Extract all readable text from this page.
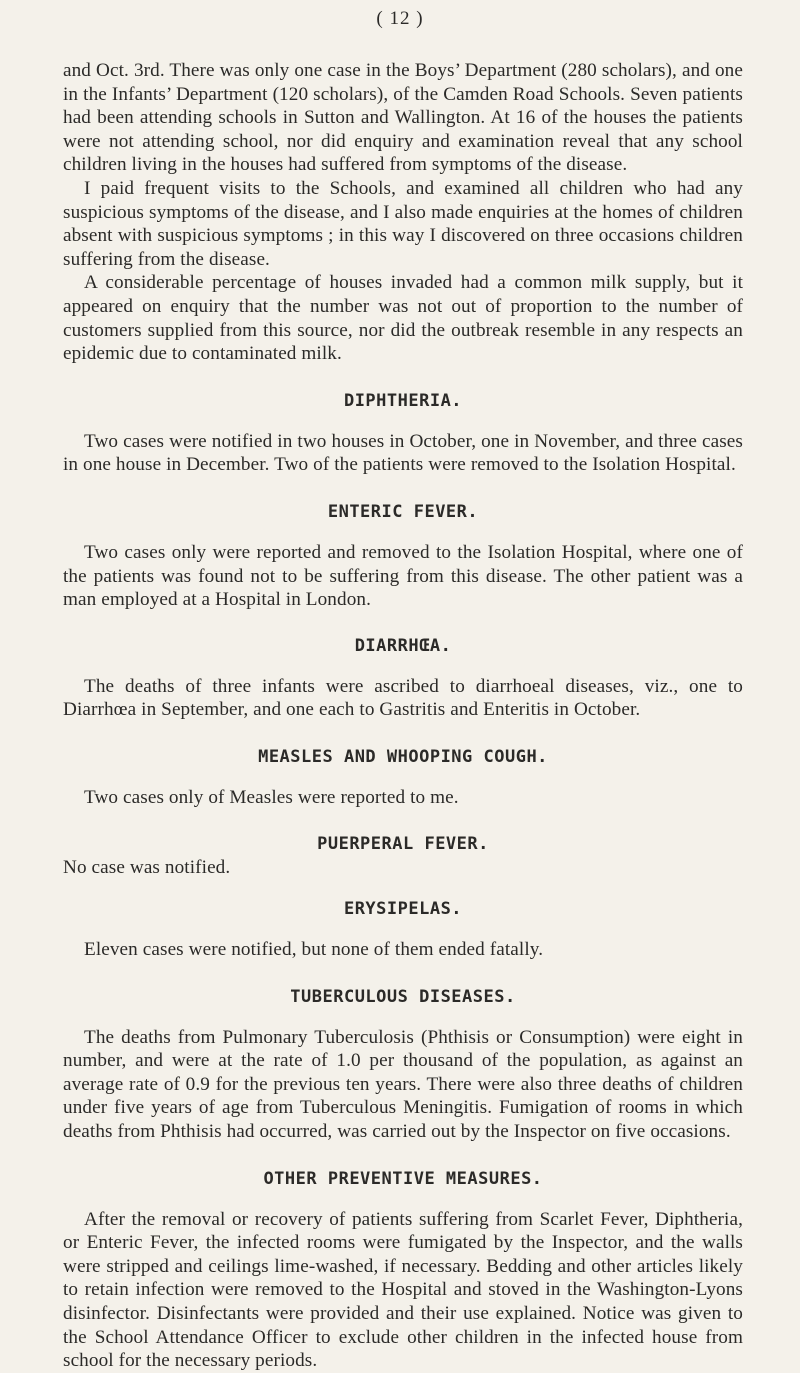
( 12 )

and Oct. 3rd. There was only one case in the Boys’ Department (280 scholars), and one in the Infants’ Department (120 scholars), of the Camden Road Schools. Seven patients had been attending schools in Sutton and Wallington. At 16 of the houses the patients were not attending school, nor did enquiry and examination reveal that any school children living in the houses had suffered from symptoms of the disease.

I paid frequent visits to the Schools, and examined all children who had any suspicious symptoms of the disease, and I also made enquiries at the homes of children absent with suspicious symptoms ; in this way I discovered on three occasions children suffering from the disease.

A considerable percentage of houses invaded had a common milk supply, but it appeared on enquiry that the number was not out of proportion to the number of customers supplied from this source, nor did the outbreak resemble in any respects an epidemic due to contaminated milk.

DIPHTHERIA.

Two cases were notified in two houses in October, one in November, and three cases in one house in December. Two of the patients were removed to the Isolation Hospital.

ENTERIC FEVER.

Two cases only were reported and removed to the Isolation Hospital, where one of the patients was found not to be suffering from this disease. The other patient was a man employed at a Hospital in London.

DIARRHŒA.

The deaths of three infants were ascribed to diarrhoeal diseases, viz., one to Diarrhœa in September, and one each to Gastritis and Enteritis in October.

MEASLES AND WHOOPING COUGH.

Two cases only of Measles were reported to me.

PUERPERAL FEVER.

No case was notified.

ERYSIPELAS.

Eleven cases were notified, but none of them ended fatally.

TUBERCULOUS DISEASES.

The deaths from Pulmonary Tuberculosis (Phthisis or Consumption) were eight in number, and were at the rate of 1.0 per thousand of the population, as against an average rate of 0.9 for the previous ten years. There were also three deaths of children under five years of age from Tuberculous Meningitis. Fumigation of rooms in which deaths from Phthisis had occurred, was carried out by the Inspector on five occasions.

OTHER PREVENTIVE MEASURES.

After the removal or recovery of patients suffering from Scarlet Fever, Diphtheria, or Enteric Fever, the infected rooms were fumigated by the Inspector, and the walls were stripped and ceilings lime-washed, if necessary. Bedding and other articles likely to retain infection were removed to the Hospital and stoved in the Washington-Lyons disinfector. Disinfectants were provided and their use explained. Notice was given to the School Attendance Officer to exclude other children in the infected house from school for the necessary periods.
